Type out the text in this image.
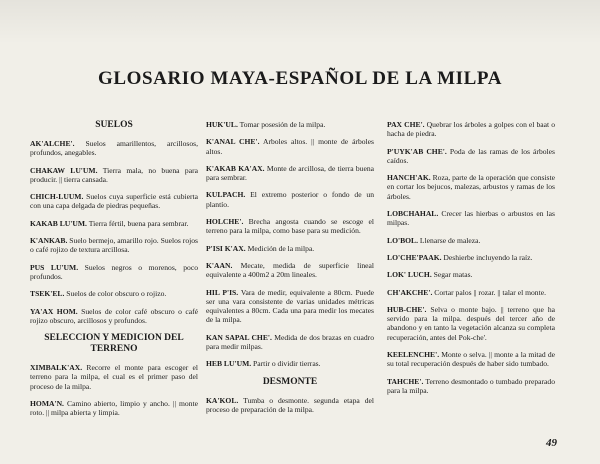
GLOSARIO MAYA-ESPAÑOL DE LA MILPA
SUELOS
AK'ALCHE'. Suelos amarillentos, arcillosos, profundos, anegables.
CHAKAW LU'UM. Tierra mala, no buena para producir. || tierra cansada.
CHICH-LUUM. Suelos cuya superficie está cubierta con una capa delgada de piedras pequeñas.
KAKAB LU'UM. Tierra fértil, buena para sembrar.
K'ANKAB. Suelo bermejo, amarillo rojo. Suelos rojos o café rojizo de textura arcillosa.
PUS LU'UM. Suelos negros o morenos, poco profundos.
TSEK'EL. Suelos de color obscuro o rojizo.
YA'AX HOM. Suelos de color café obscuro o café rojizo obscuro, arcillosos y profundos.
SELECCION Y MEDICION DEL TERRENO
XIMBALK'AX. Recorre el monte para escoger el terreno para la milpa, el cual es el primer paso del proceso de la milpa.
HOMA'N. Camino abierto, limpio y ancho. || monte roto. || milpa abierta y limpia.
HUK'UL. Tomar posesión de la milpa.
K'ANAL CHE'. Arboles altos. || monte de árboles altos.
K'AKAB KA'AX. Monte de arcillosa, de tierra buena para sembrar.
KULPACH. El extremo posterior o fondo de un plantío.
HOLCHE'. Brecha angosta cuando se escoge el terreno para la milpa, como base para su medición.
P'ISI K'AX. Medición de la milpa.
K'AAN. Mecate, medida de superficie lineal equivalente a 400m2 a 20m lineales.
HIL P'IS. Vara de medir, equivalente a 80cm. Puede ser una vara consistente de varias unidades métricas equivalentes a 80cm. Cada una para medir los mecates de la milpa.
KAN SAPAL CHE'. Medida de dos brazas en cuadro para medir milpas.
HEB LU'UM. Partir o dividir tierras.
DESMONTE
KA'KOL. Tumba o desmonte. segunda etapa del proceso de preparación de la milpa.
PAX CHE'. Quebrar los árboles a golpes con el baat o hacha de piedra.
P'UYK'AB CHE'. Poda de las ramas de los árboles caídos.
HANCH'AK. Roza, parte de la operación que consiste en cortar los bejucos, malezas, arbustos y ramas de los árboles.
LOBCHAHAL. Crecer las hierbas o arbustos en las milpas.
LO'BOL. Llenarse de maleza.
LO'CHE'PAAK. Deshierbe incluyendo la raíz.
LOK' LUCH. Segar matas.
CH'AKCHE'. Cortar palos || rozar. || talar el monte.
HUB-CHE'. Selva o monte bajo. || terreno que ha servido para la milpa. después del tercer año de abandono y en tanto la vegetación alcanza su completa recuperación, antes del Pok-che'.
KEELENCHE'. Monte o selva. || monte a la mitad de su total recuperación después de haber sido tumbado.
TAHCHE'. Terreno desmontado o tumbado preparado para la milpa.
49
